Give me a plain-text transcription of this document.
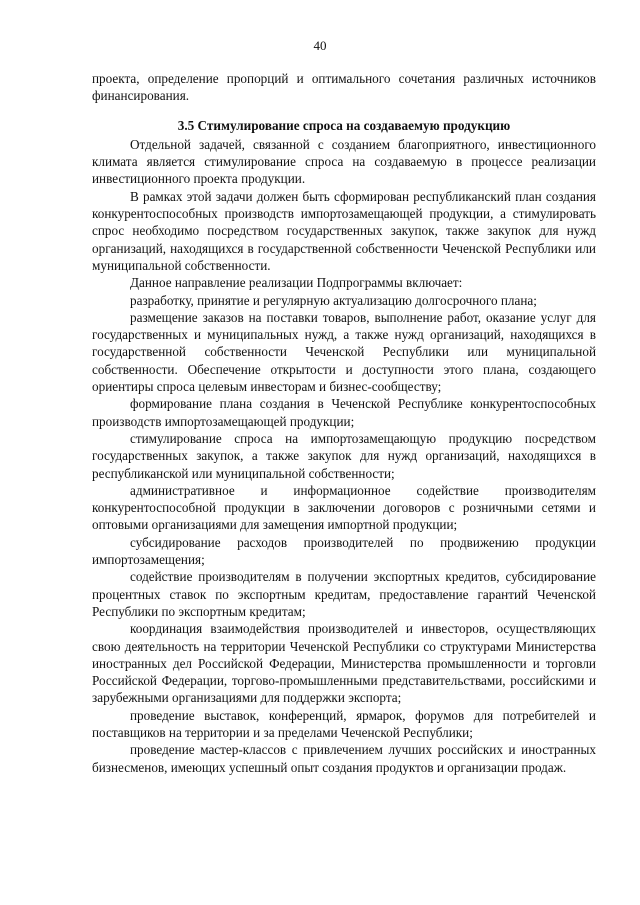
40

проекта, определение пропорций и оптимального сочетания различных источников финансирования.

3.5 Стимулирование спроса на создаваемую продукцию

Отдельной задачей, связанной с созданием благоприятного, инвестиционного климата является стимулирование спроса на создаваемую в процессе реализации инвестиционного проекта продукции.

В рамках этой задачи должен быть сформирован республиканский план создания конкурентоспособных производств импортозамещающей продукции, а стимулировать спрос необходимо посредством государственных закупок, также закупок для нужд организаций, находящихся в государственной собственности Чеченской Республики или муниципальной собственности.

Данное направление реализации Подпрограммы включает:

разработку, принятие и регулярную актуализацию долгосрочного плана;

размещение заказов на поставки товаров, выполнение работ, оказание услуг для государственных и муниципальных нужд, а также нужд организаций, находящихся в государственной собственности Чеченской Республики или муниципальной собственности. Обеспечение открытости и доступности этого плана, создающего ориентиры спроса целевым инвесторам и бизнес-сообществу;

формирование плана создания в Чеченской Республике конкурентоспособных производств импортозамещающей продукции;

стимулирование спроса на импортозамещающую продукцию посредством государственных закупок, а также закупок для нужд организаций, находящихся в республиканской или муниципальной собственности;

административное и информационное содействие производителям конкурентоспособной продукции в заключении договоров с розничными сетями и оптовыми организациями для замещения импортной продукции;

субсидирование расходов производителей по продвижению продукции импортозамещения;

содействие производителям в получении экспортных кредитов, субсидирование процентных ставок по экспортным кредитам, предоставление гарантий Чеченской Республики по экспортным кредитам;

координация взаимодействия производителей и инвесторов, осуществляющих свою деятельность на территории Чеченской Республики со структурами Министерства иностранных дел Российской Федерации, Министерства промышленности и торговли Российской Федерации, торгово-промышленными представительствами, российскими и зарубежными организациями для поддержки экспорта;

проведение выставок, конференций, ярмарок, форумов для потребителей и поставщиков на территории и за пределами Чеченской Республики;

проведение мастер-классов с привлечением лучших российских и иностранных бизнесменов, имеющих успешный опыт создания продуктов и организации продаж.
